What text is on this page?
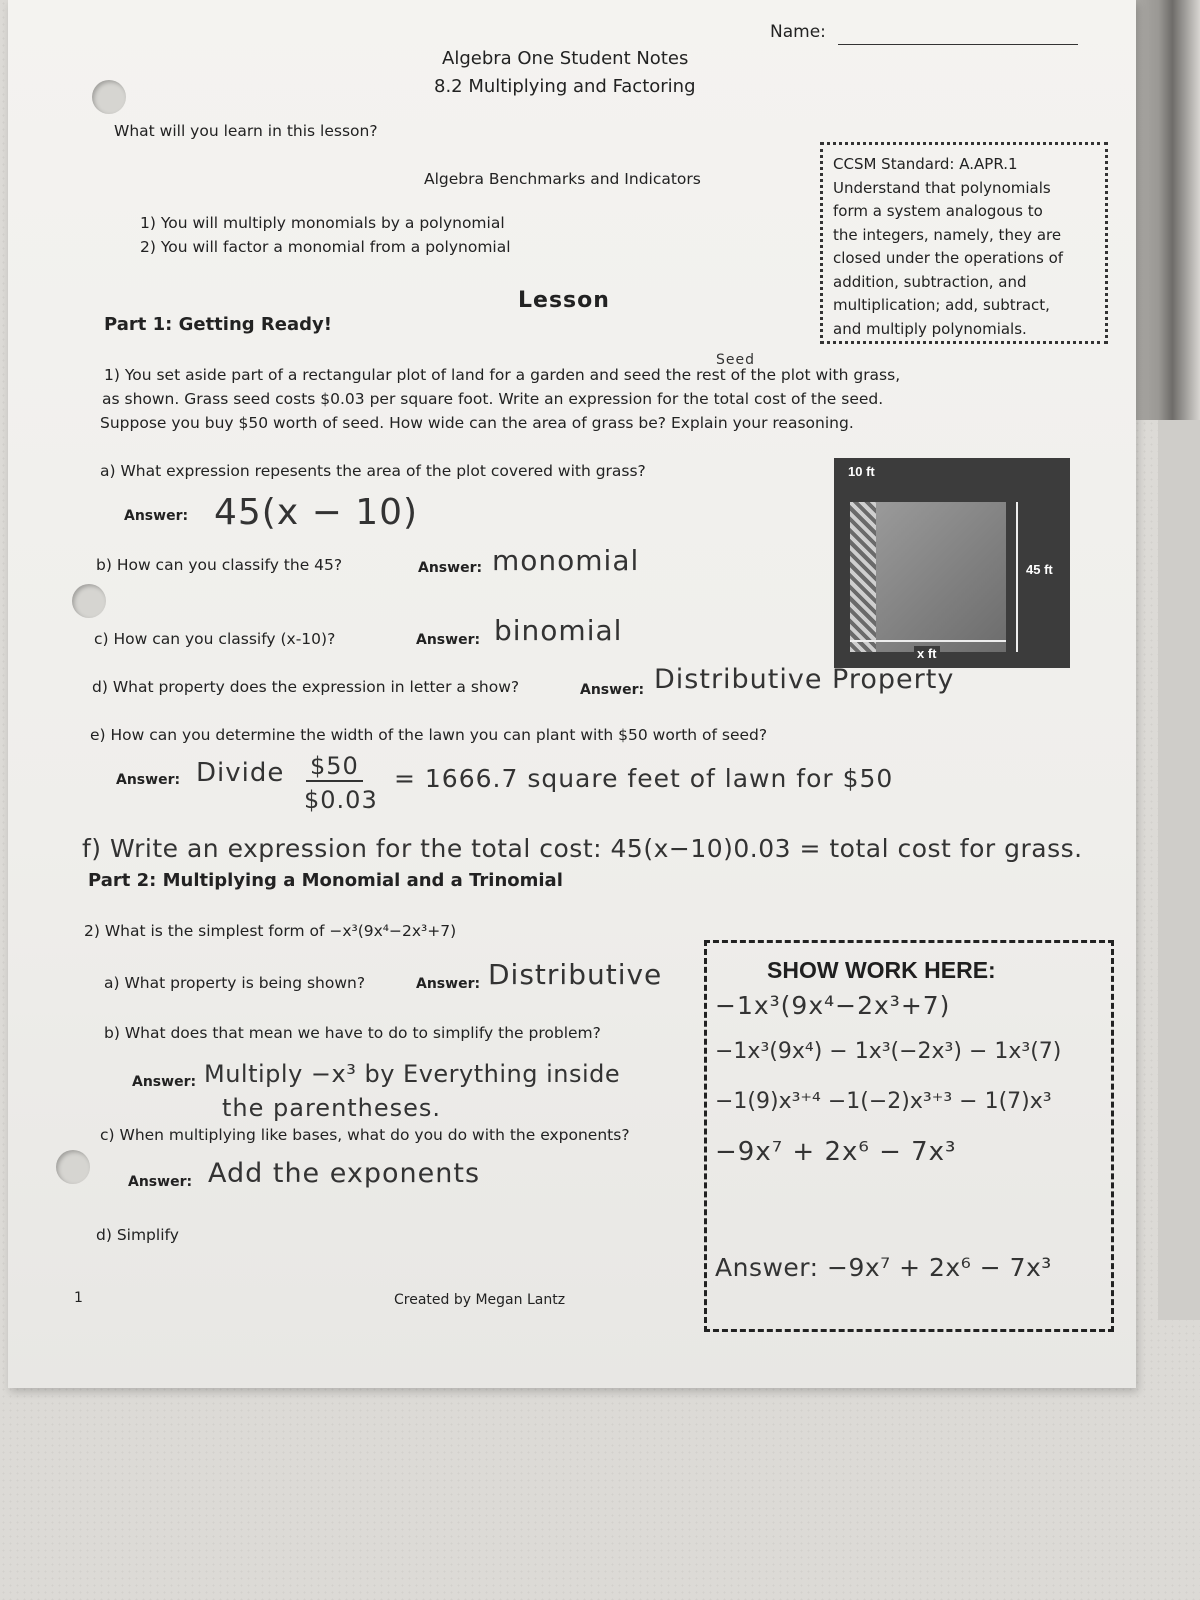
Name:
Algebra One Student Notes
8.2 Multiplying and Factoring
What will you learn in this lesson?
Algebra Benchmarks and Indicators
1) You will multiply monomials by a polynomial
2) You will factor a monomial from a polynomial
CCSM Standard: A.APR.1
Understand that polynomials
form a system analogous to
the integers, namely, they are
closed under the operations of
addition, subtraction, and
multiplication; add, subtract,
and multiply polynomials.
Lesson
Part 1: Getting Ready!
1) You set aside part of a rectangular plot of land for a garden and seed the rest of the plot with grass,
as shown. Grass seed costs $0.03 per square foot. Write an expression for the total cost of the seed.
Suppose you buy $50 worth of seed. How wide can the area of grass be? Explain your reasoning.
Seed
a) What expression repesents the area of the plot covered with grass?
Answer: 45(x − 10)
b) How can you classify the 45?	Answer: monomial
c) How can you classify (x-10)?	Answer: binomial
10 ft
45 ft
x ft
d) What property does the expression in letter a show?	Answer: Distributive Property
e) How can you determine the width of the lawn you can plant with $50 worth of seed?
Answer: Divide $50
$0.03
= 1666.7 square feet of lawn for $50
f) Write an expression for the total cost: 45(x−10)0.03 = total cost for grass.
Part 2: Multiplying a Monomial and a Trinomial
2) What is the simplest form of −x³(9x⁴−2x³+7)
a) What property is being shown?	Answer: Distributive
b) What does that mean we have to do to simplify the problem?
Answer: Multiply −x³ by Everything inside
the parentheses.
c) When multiplying like bases, what do you do with the exponents?
Answer: Add the exponents
d) Simplify
SHOW WORK HERE:
−1x³(9x⁴−2x³+7)
−1x³(9x⁴) − 1x³(−2x³) − 1x³(7)
−1(9)x³⁺⁴ −1(−2)x³⁺³ − 1(7)x³
−9x⁷ + 2x⁶ − 7x³
Answer: −9x⁷ + 2x⁶ − 7x³
1	Created by Megan Lantz
